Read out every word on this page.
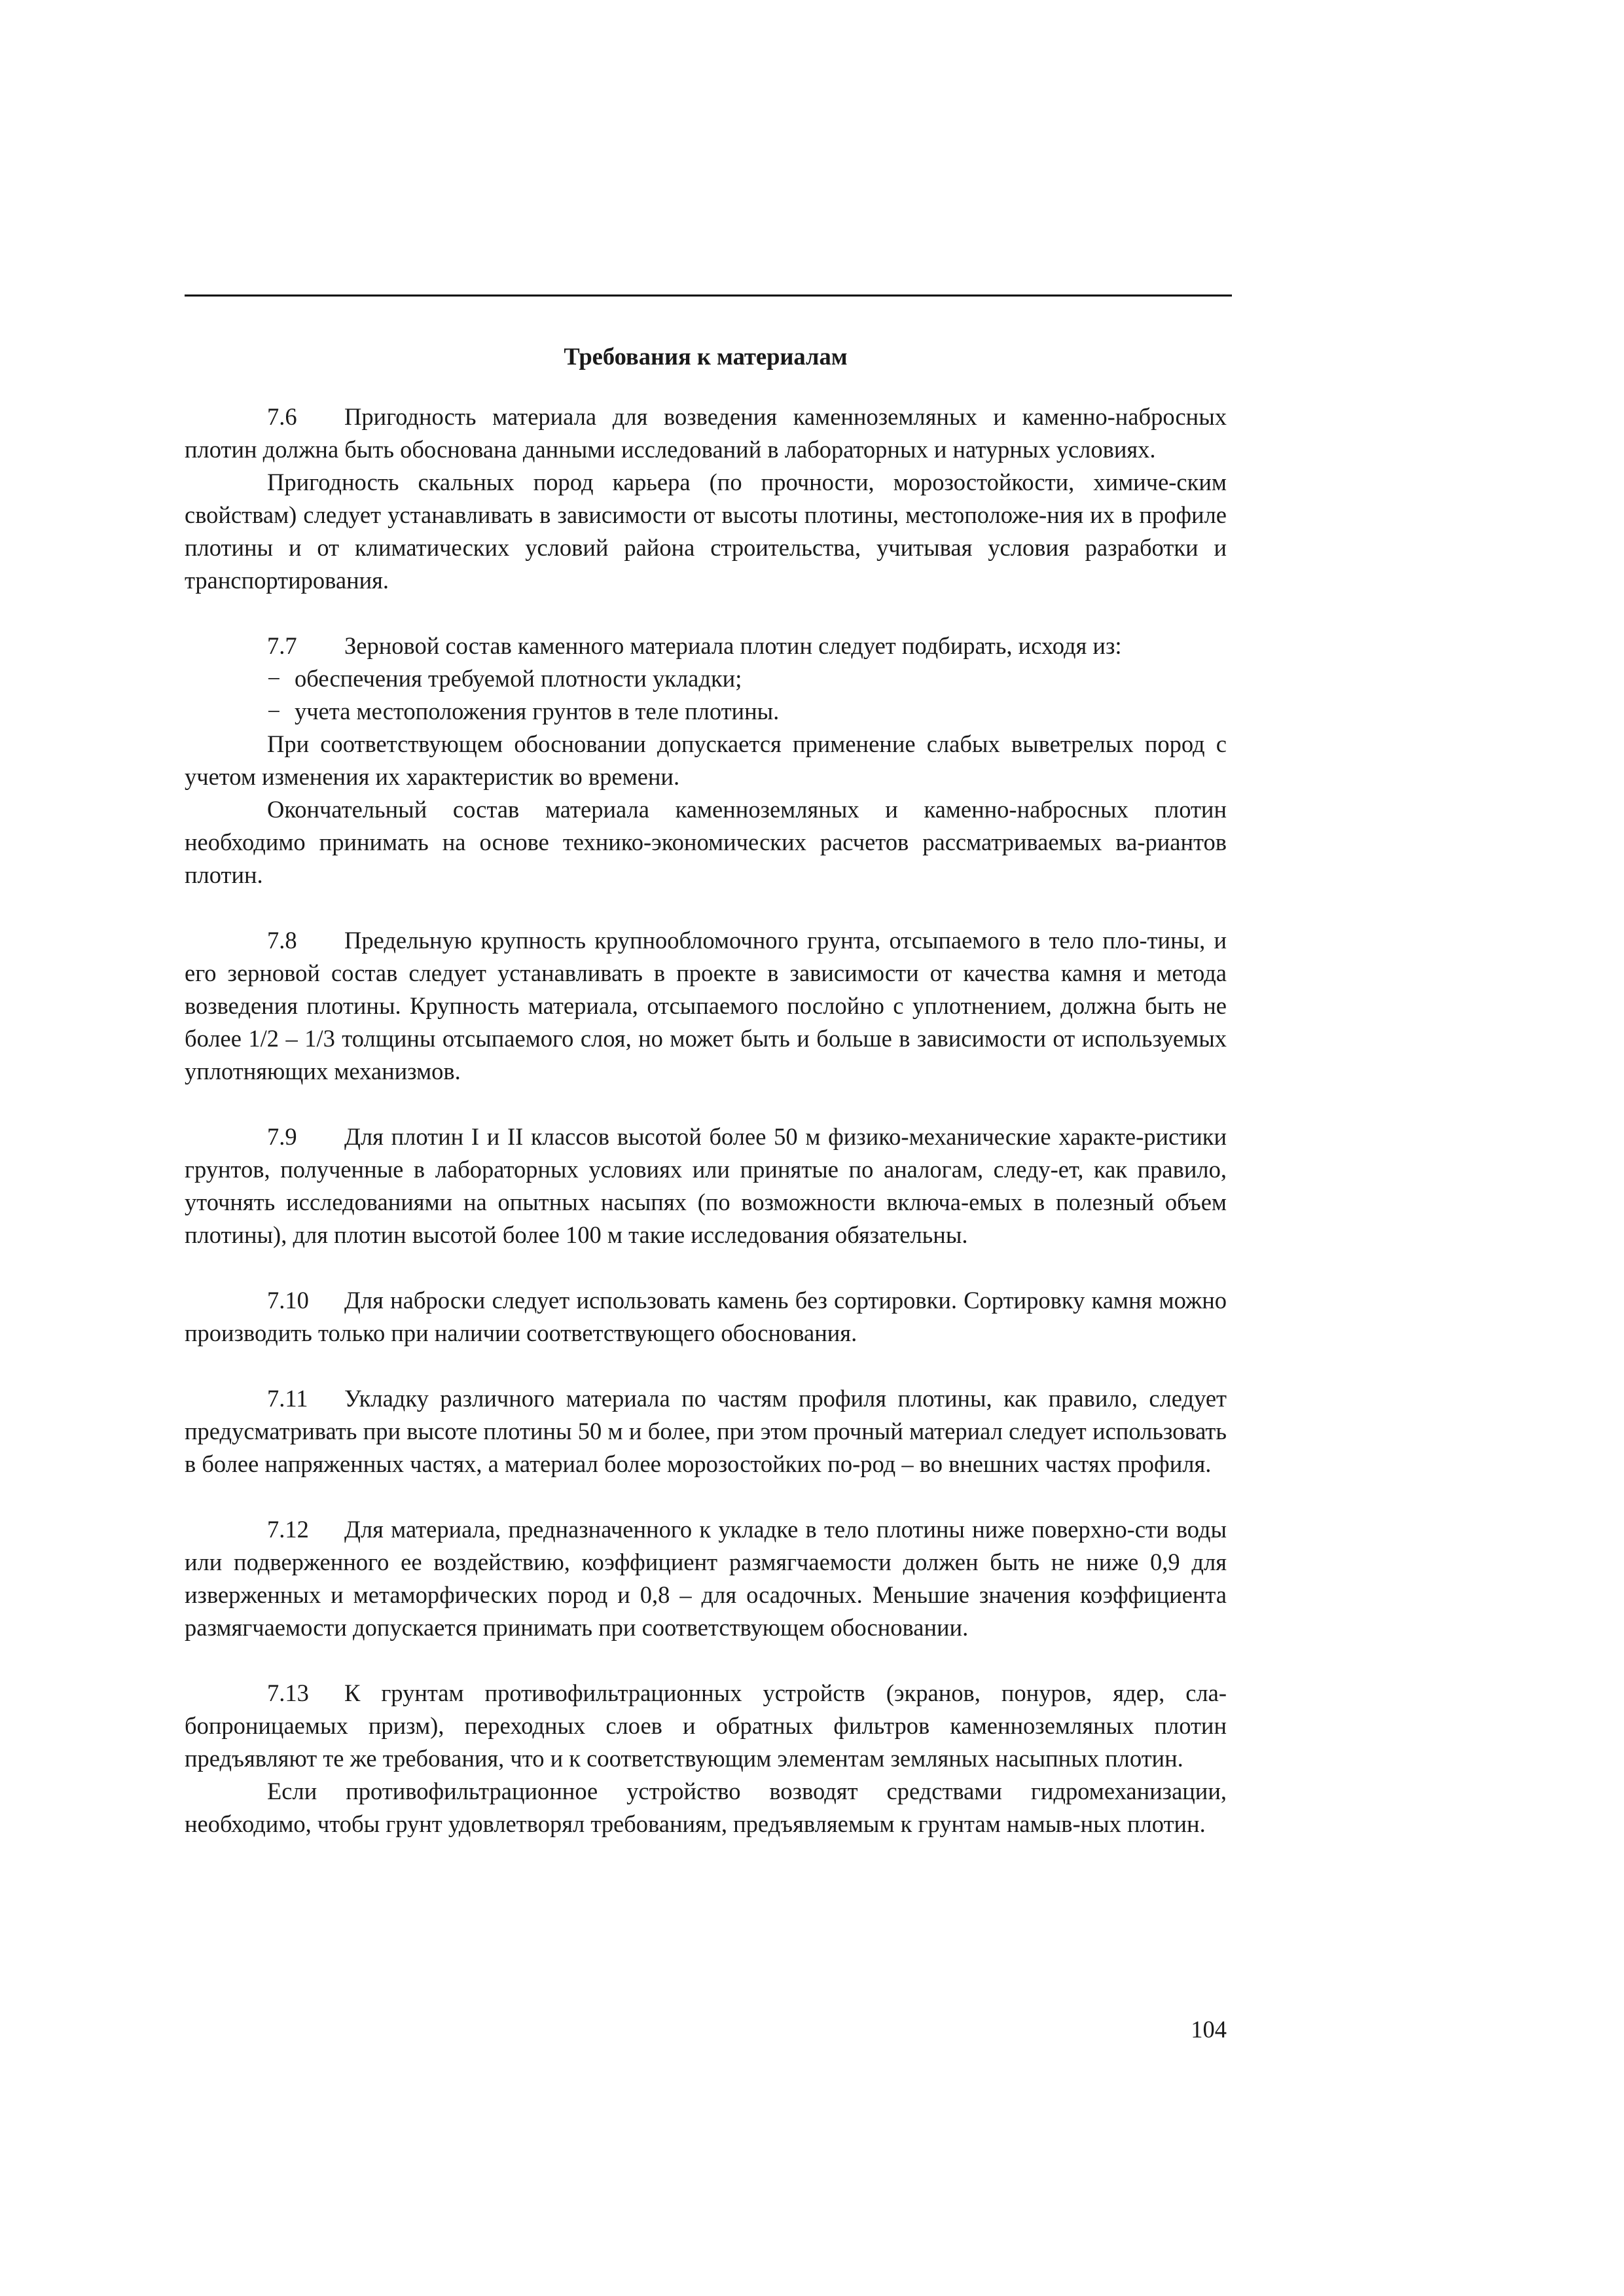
Требования к материалам

7.6 Пригодность материала для возведения каменноземляных и каменно-набросных плотин должна быть обоснована данными исследований в лабораторных и натурных условиях.

Пригодность скальных пород карьера (по прочности, морозостойкости, химиче-ским свойствам) следует устанавливать в зависимости от высоты плотины, местоположе-ния их в профиле плотины и от климатических условий района строительства, учитывая условия разработки и транспортирования.

7.7 Зерновой состав каменного материала плотин следует подбирать, исходя из:

− обеспечения требуемой плотности укладки;

− учета местоположения грунтов в теле плотины.

При соответствующем обосновании допускается применение слабых выветрелых пород с учетом изменения их характеристик во времени.

Окончательный состав материала каменноземляных и каменно-набросных плотин необходимо принимать на основе технико-экономических расчетов рассматриваемых ва-риантов плотин.

7.8 Предельную крупность крупнообломочного грунта, отсыпаемого в тело пло-тины, и его зерновой состав следует устанавливать в проекте в зависимости от качества камня и метода возведения плотины. Крупность материала, отсыпаемого послойно с уплотнением, должна быть не более 1/2 – 1/3 толщины отсыпаемого слоя, но может быть и больше в зависимости от используемых уплотняющих механизмов.

7.9 Для плотин I и II классов высотой более 50 м физико-механические характе-ристики грунтов, полученные в лабораторных условиях или принятые по аналогам, следу-ет, как правило, уточнять исследованиями на опытных насыпях (по возможности включа-емых в полезный объем плотины), для плотин высотой более 100 м такие исследования обязательны.

7.10 Для наброски следует использовать камень без сортировки. Сортировку камня можно производить только при наличии соответствующего обоснования.

7.11 Укладку различного материала по частям профиля плотины, как правило, следует предусматривать при высоте плотины 50 м и более, при этом прочный материал следует использовать в более напряженных частях, а материал более морозостойких по-род – во внешних частях профиля.

7.12 Для материала, предназначенного к укладке в тело плотины ниже поверхно-сти воды или подверженного ее воздействию, коэффициент размягчаемости должен быть не ниже 0,9 для изверженных и метаморфических пород и 0,8 – для осадочных. Меньшие значения коэффициента размягчаемости допускается принимать при соответствующем обосновании.

7.13 К грунтам противофильтрационных устройств (экранов, понуров, ядер, сла-бопроницаемых призм), переходных слоев и обратных фильтров каменноземляных плотин предъявляют те же требования, что и к соответствующим элементам земляных насыпных плотин.

Если противофильтрационное устройство возводят средствами гидромеханизации, необходимо, чтобы грунт удовлетворял требованиям, предъявляемым к грунтам намыв-ных плотин.

104
